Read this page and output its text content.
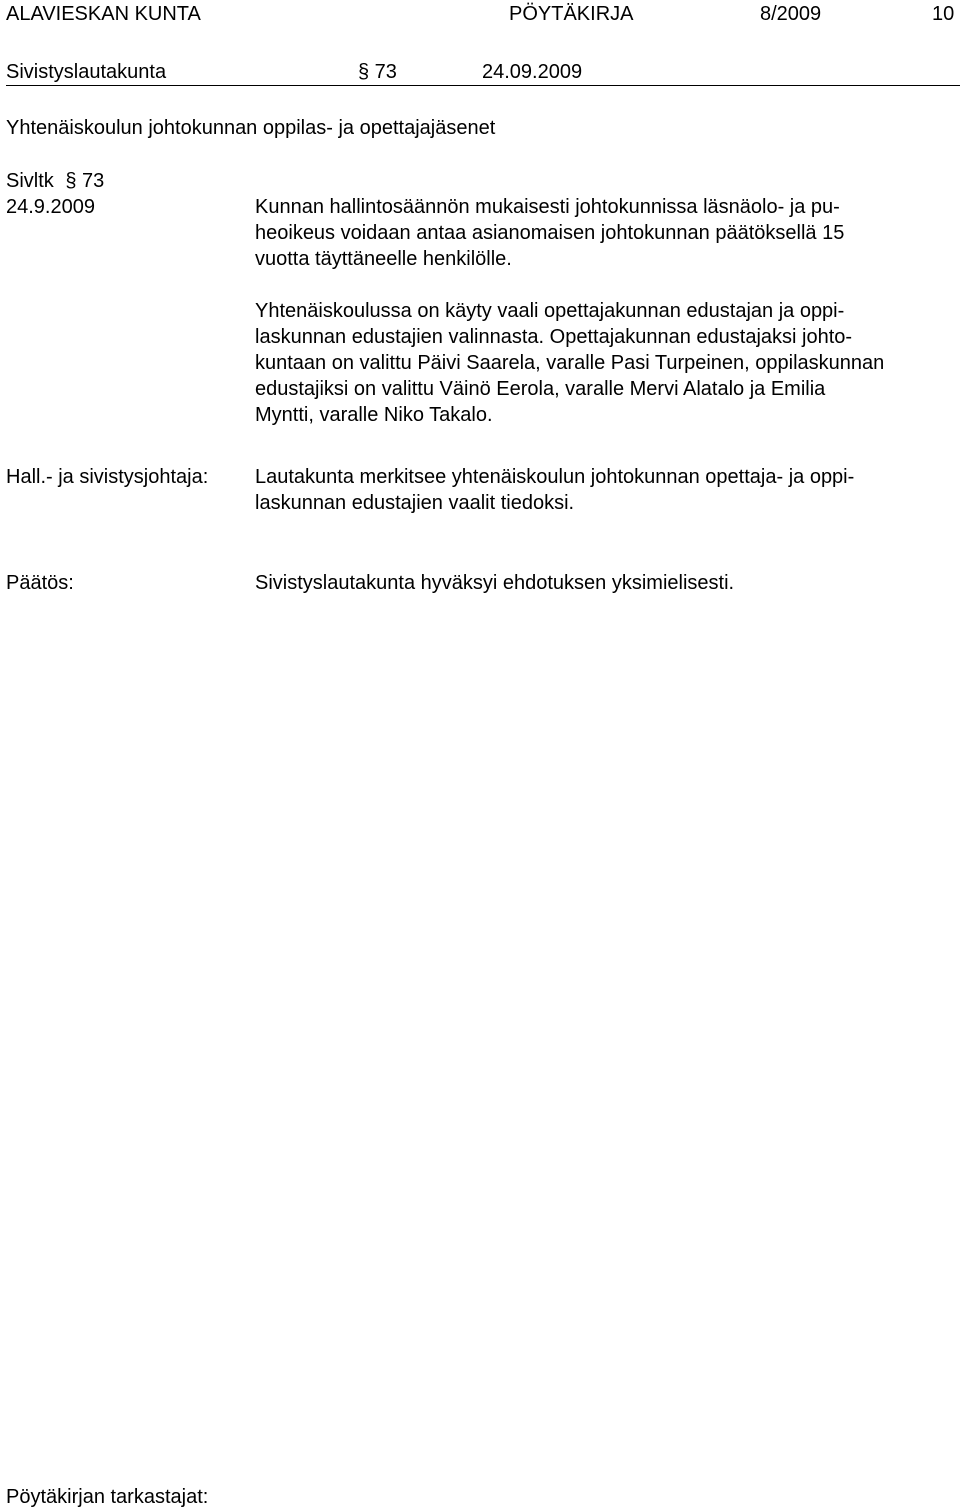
ALAVIESKAN KUNTA	PÖYTÄKIRJA	8/2009	10
Sivistyslautakunta	§ 73	24.09.2009
Yhtenäiskoulun johtokunnan oppilas- ja opettajajäsenet
Sivltk § 73
24.9.2009	Kunnan hallintosäännön mukaisesti johtokunnissa läsnäolo- ja pu-
heoikeus voidaan antaa asianomaisen johtokunnan päätöksellä 15
vuotta täyttäneelle henkilölle.
Yhtenäiskoulussa on käyty vaali opettajakunnan edustajan ja oppi-
laskunnan edustajien valinnasta. Opettajakunnan edustajaksi johto-
kuntaan on valittu Päivi Saarela, varalle Pasi Turpeinen, oppilaskunnan
edustajiksi on valittu Väinö Eerola, varalle Mervi Alatalo ja Emilia
Myntti, varalle Niko Takalo.
Hall.- ja sivistysjohtaja: Lautakunta merkitsee yhtenäiskoulun johtokunnan opettaja- ja oppi-
laskunnan edustajien vaalit tiedoksi.
Päätös:	Sivistyslautakunta hyväksyi ehdotuksen yksimielisesti.
Pöytäkirjan tarkastajat:
